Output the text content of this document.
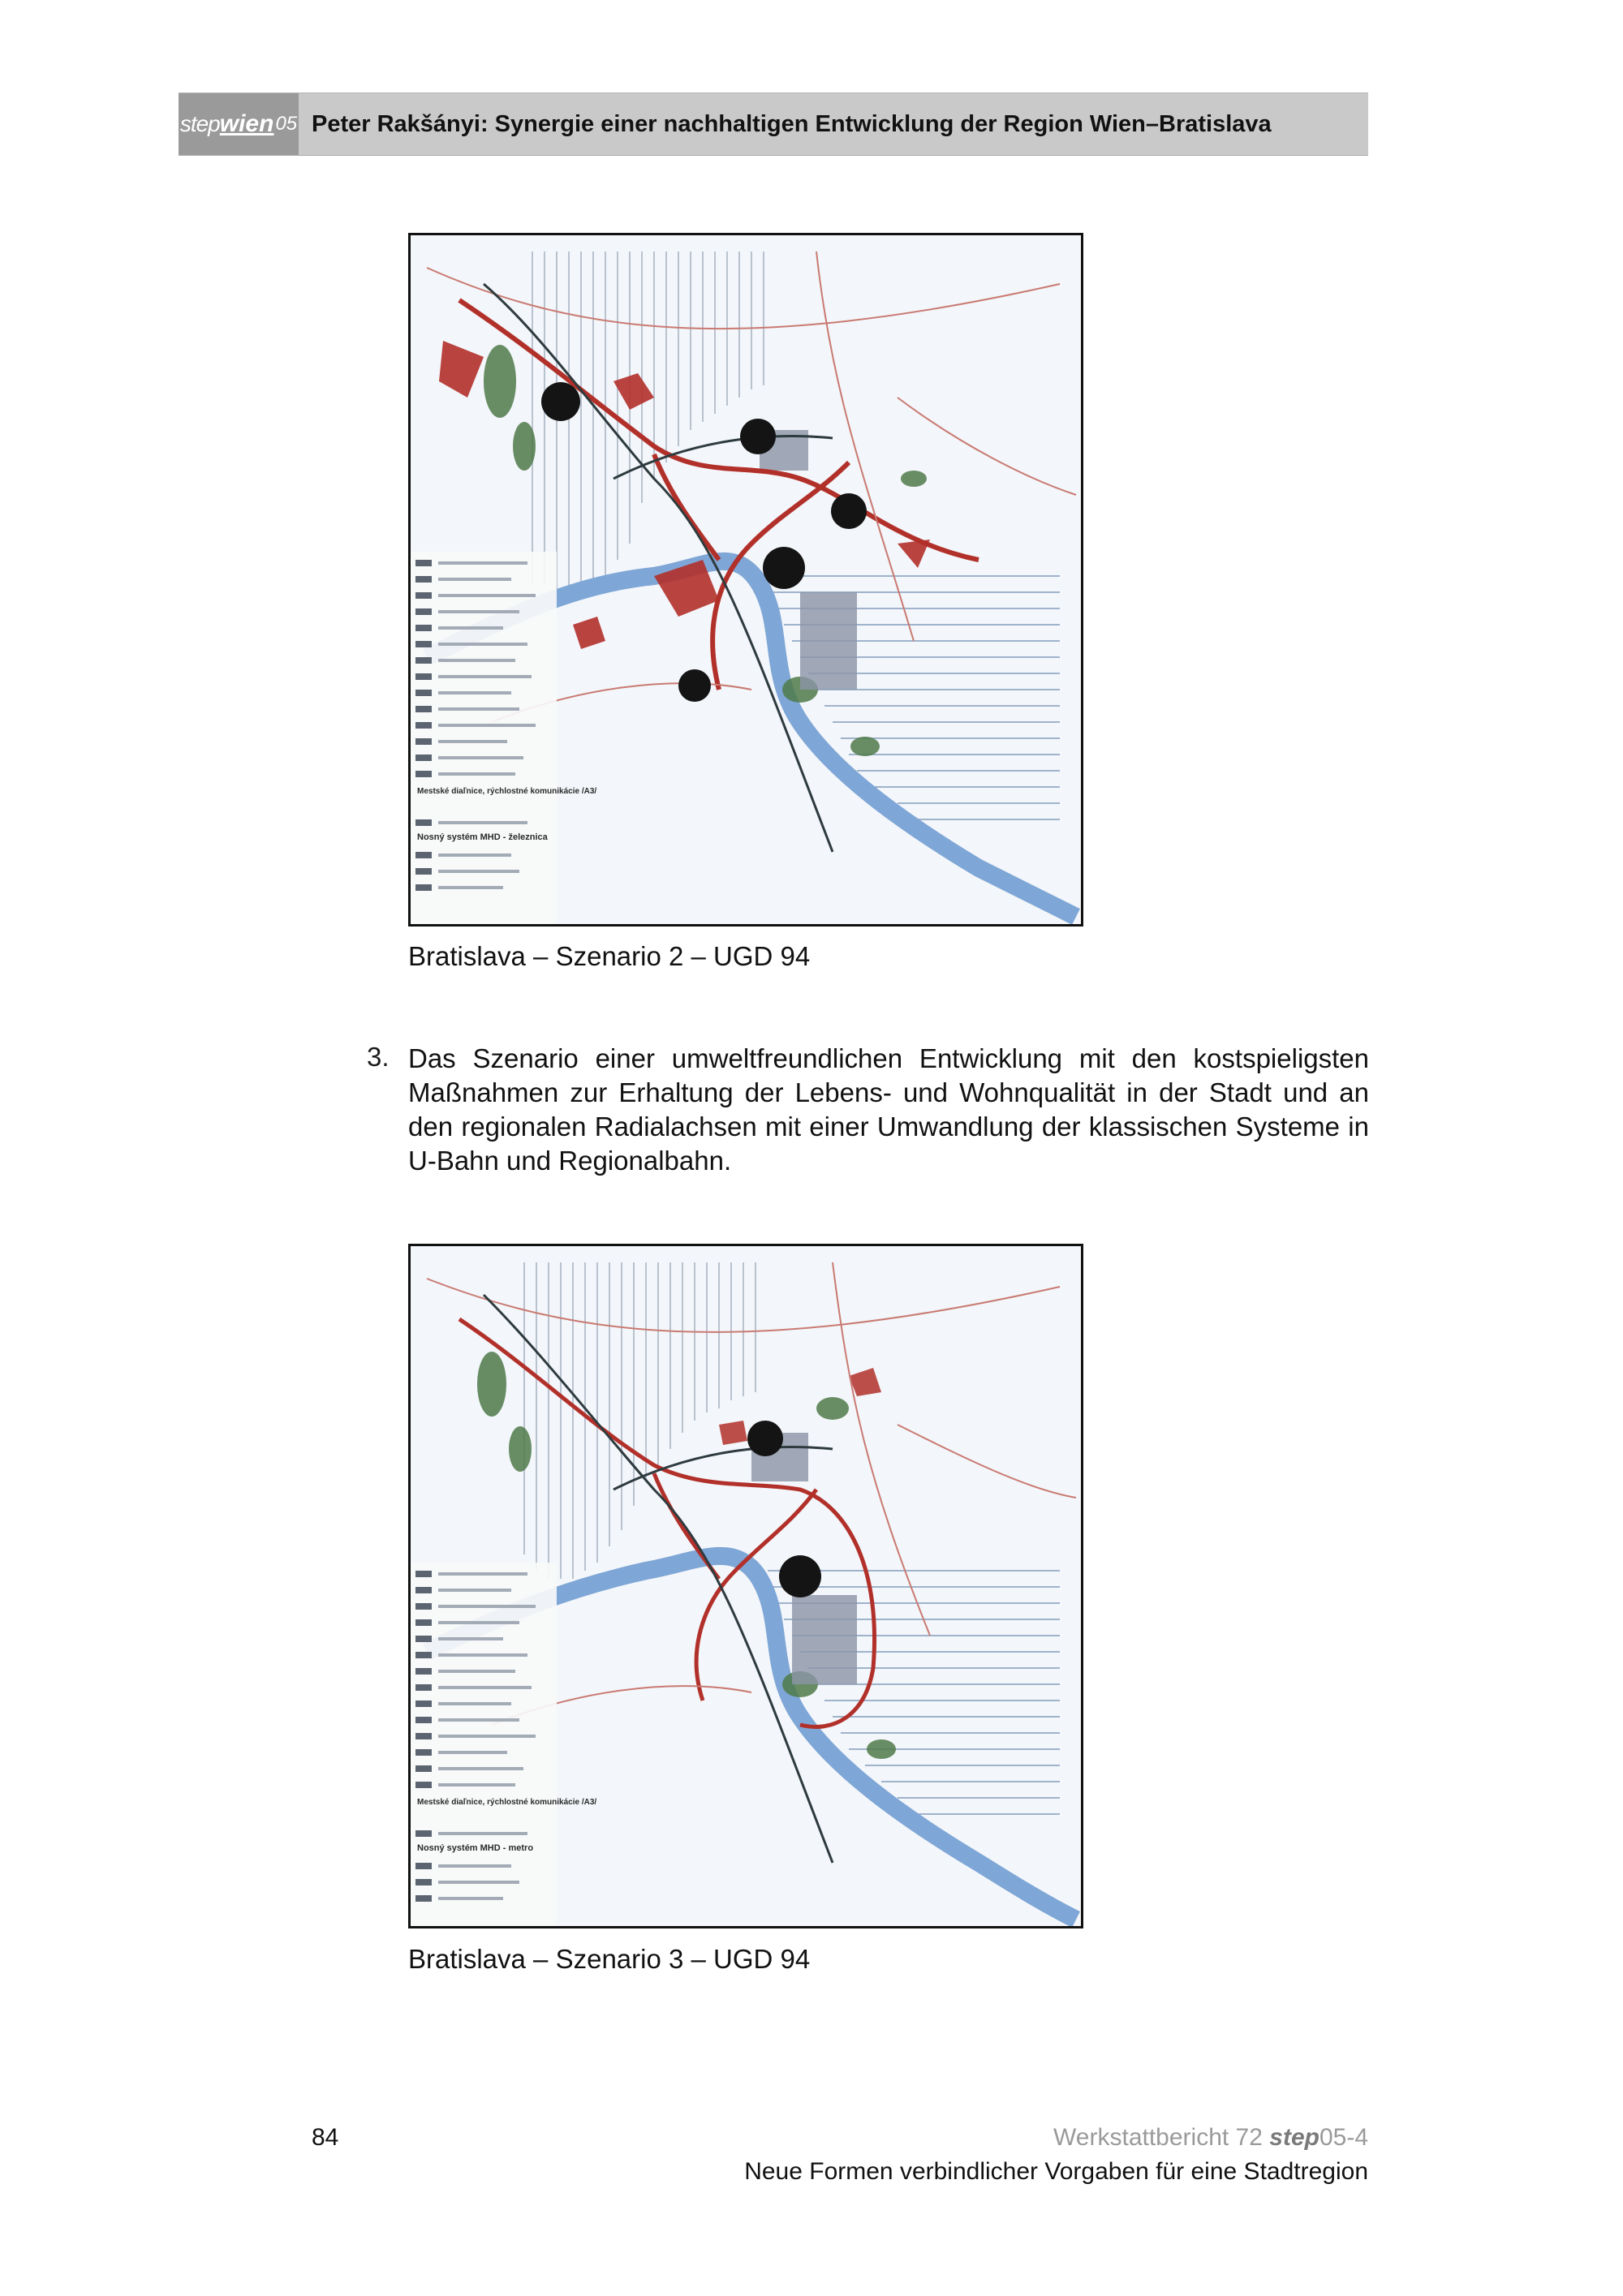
step wien 05 Peter Rakšányi: Synergie einer nachhaltigen Entwicklung der Region Wien–Bratislava
Mestské diaľnice, rýchlostné komunikácie /A3/
Nosný systém MHD - železnica
Bratislava – Szenario 2 – UGD 94
3. Das Szenario einer umweltfreundlichen Entwicklung mit den kostspieligsten Maßnahmen zur Erhaltung der Lebens- und Wohnqualität in der Stadt und an den regionalen Radialachsen mit einer Umwandlung der klassischen Systeme in U-Bahn und Regionalbahn.
Mestské diaľnice, rýchlostné komunikácie /A3/
Nosný systém MHD - metro
Bratislava – Szenario 3 – UGD 94
84	Werkstattbericht 72 step05-4
Neue Formen verbindlicher Vorgaben für eine Stadtregion
